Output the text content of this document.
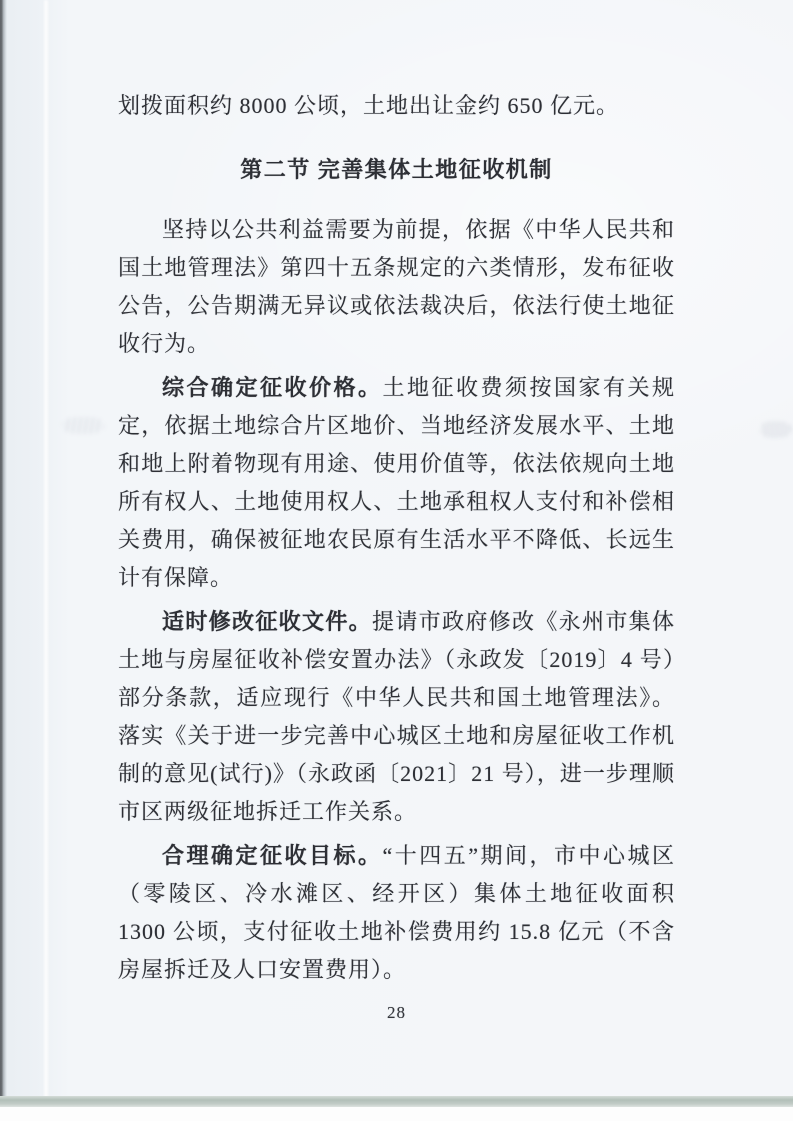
划拨面积约 8000 公顷，土地出让金约 650 亿元。

第二节 完善集体土地征收机制

坚持以公共利益需要为前提，依据《中华人民共和国土地管理法》第四十五条规定的六类情形，发布征收公告，公告期满无异议或依法裁决后，依法行使土地征收行为。

综合确定征收价格。土地征收费须按国家有关规定，依据土地综合片区地价、当地经济发展水平、土地和地上附着物现有用途、使用价值等，依法依规向土地所有权人、土地使用权人、土地承租权人支付和补偿相关费用，确保被征地农民原有生活水平不降低、长远生计有保障。

适时修改征收文件。提请市政府修改《永州市集体土地与房屋征收补偿安置办法》（永政发〔2019〕4 号）部分条款，适应现行《中华人民共和国土地管理法》。落实《关于进一步完善中心城区土地和房屋征收工作机制的意见(试行)》（永政函〔2021〕21 号），进一步理顺市区两级征地拆迁工作关系。

合理确定征收目标。“十四五”期间，市中心城区（零陵区、冷水滩区、经开区）集体土地征收面积 1300 公顷，支付征收土地补偿费用约 15.8 亿元（不含房屋拆迁及人口安置费用）。

28
